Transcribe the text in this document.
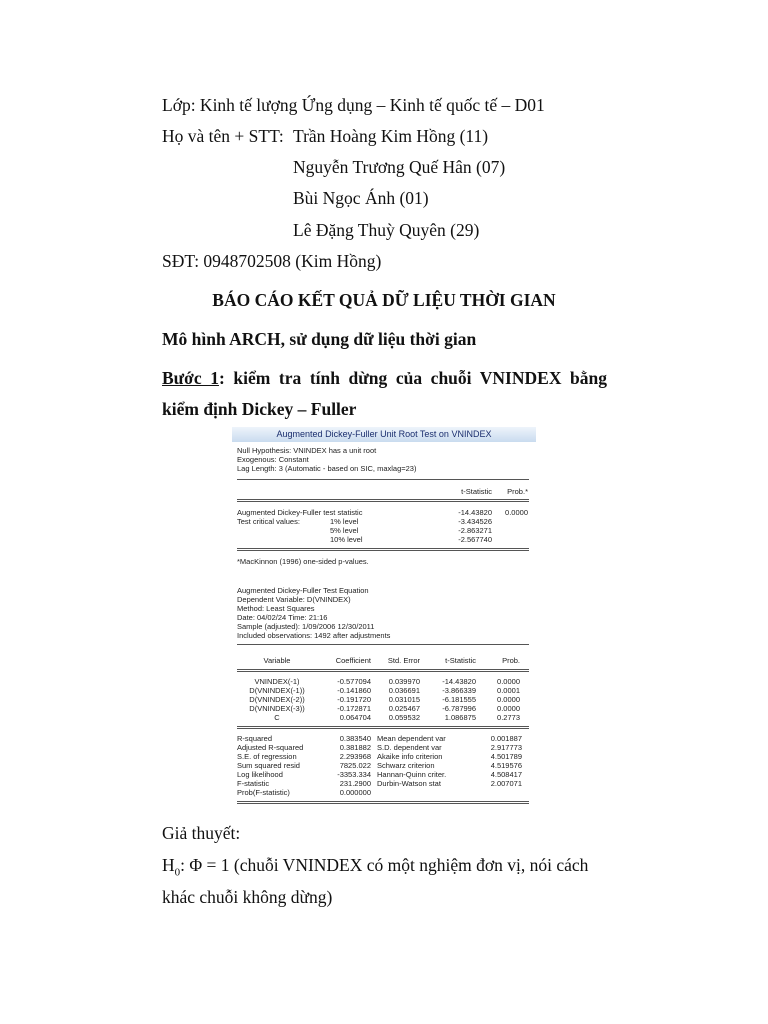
Lớp: Kinh tế lượng Ứng dụng – Kinh tế quốc tế – D01
Họ và tên + STT: Trần Hoàng Kim Hồng (11)
Nguyễn Trương Quế Hân (07)
Bùi Ngọc Ánh (01)
Lê Đặng Thuỳ Quyên (29)
SĐT: 0948702508 (Kim Hồng)
BÁO CÁO KẾT QUẢ DỮ LIỆU THỜI GIAN
Mô hình ARCH, sử dụng dữ liệu thời gian
Bước 1: kiểm tra tính dừng của chuỗi VNINDEX bằng
kiểm định Dickey – Fuller
Augmented Dickey-Fuller Unit Root Test on VNINDEX
Null Hypothesis: VNINDEX has a unit root
Exogenous: Constant
Lag Length: 3 (Automatic - based on SIC, maxlag=23)
t-Statistic	Prob.*
Augmented Dickey-Fuller test statistic	-14.43820	0.0000
Test critical values:	1% level	-3.434526
5% level	-2.863271
10% level	-2.567740
*MacKinnon (1996) one-sided p-values.
Augmented Dickey-Fuller Test Equation
Dependent Variable: D(VNINDEX)
Method: Least Squares
Date: 04/02/24 Time: 21:16
Sample (adjusted): 1/09/2006 12/30/2011
Included observations: 1492 after adjustments
Variable	Coefficient	Std. Error	t-Statistic	Prob.
VNINDEX(-1)	-0.577094	0.039970	-14.43820	0.0000
D(VNINDEX(-1))	-0.141860	0.036691	-3.866339	0.0001
D(VNINDEX(-2))	-0.191720	0.031015	-6.181555	0.0000
D(VNINDEX(-3))	-0.172871	0.025467	-6.787996	0.0000
C	0.064704	0.059532	1.086875	0.2773
R-squared	0.383540 Mean dependent var	0.001887
Adjusted R-squared	0.381882 S.D. dependent var	2.917773
S.E. of regression	2.293968 Akaike info criterion	4.501789
Sum squared resid	7825.022 Schwarz criterion	4.519576
Log likelihood	-3353.334 Hannan-Quinn criter.	4.508417
F-statistic	231.2900 Durbin-Watson stat	2.007071
Prob(F-statistic)	0.000000
Giả thuyết:
$H_0$: Φ = 1 (chuỗi VNINDEX có một nghiệm đơn vị, nói cách
khác chuỗi không dừng)
